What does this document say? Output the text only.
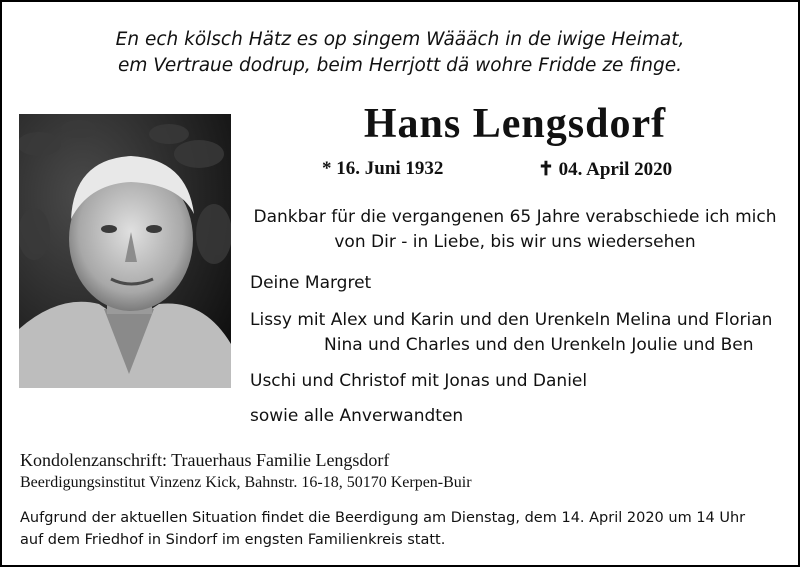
En ech kölsch Hätz es op singem Wäääch in de iwige Heimat,
em Vertraue dodrup, beim Herrjott dä wohre Fridde ze finge.
Hans Lengsdorf
* 16. Juni 1932	✝ 04. April 2020
Dankbar für die vergangenen 65 Jahre verabschiede ich mich
von Dir - in Liebe, bis wir uns wiedersehen
Deine Margret
Lissy mit Alex und Karin und den Urenkeln Melina und Florian
Nina und Charles und den Urenkeln Joulie und Ben
Uschi und Christof mit Jonas und Daniel
sowie alle Anverwandten
Kondolenzanschrift: Trauerhaus Familie Lengsdorf
Beerdigungsinstitut Vinzenz Kick, Bahnstr. 16-18, 50170 Kerpen-Buir
Aufgrund der aktuellen Situation findet die Beerdigung am Dienstag, dem 14. April 2020 um 14 Uhr
auf dem Friedhof in Sindorf im engsten Familienkreis statt.
